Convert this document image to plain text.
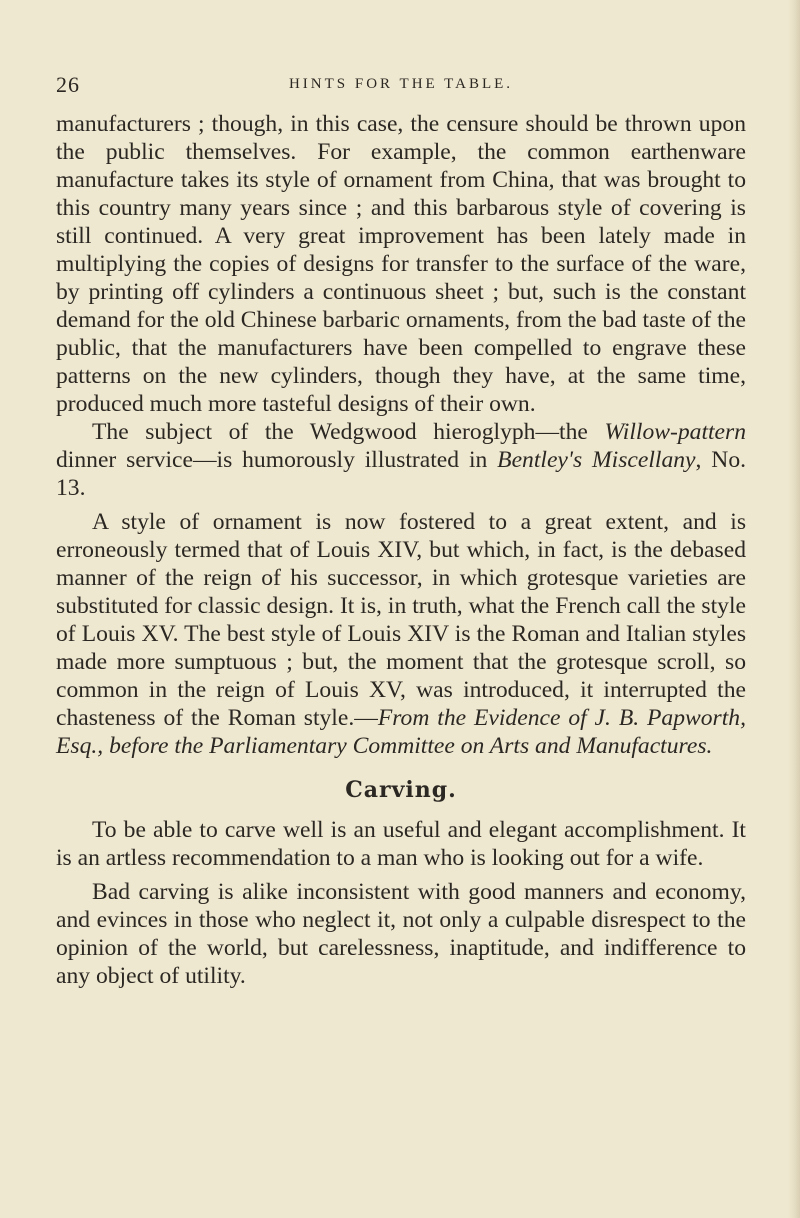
26	HINTS FOR THE TABLE.

manufacturers ; though, in this case, the censure should be thrown upon the public themselves. For example, the common earthenware manufacture takes its style of ornament from China, that was brought to this country many years since ; and this barbarous style of covering is still continued. A very great improvement has been lately made in multiplying the copies of designs for transfer to the surface of the ware, by printing off cylinders a continuous sheet ; but, such is the constant demand for the old Chinese barbaric ornaments, from the bad taste of the public, that the manufacturers have been compelled to engrave these patterns on the new cylinders, though they have, at the same time, produced much more tasteful designs of their own.

The subject of the Wedgwood hieroglyph—the Willow-pattern dinner service—is humorously illustrated in Bentley's Miscellany, No. 13.

A style of ornament is now fostered to a great extent, and is erroneously termed that of Louis XIV, but which, in fact, is the debased manner of the reign of his successor, in which grotesque varieties are substituted for classic design. It is, in truth, what the French call the style of Louis XV. The best style of Louis XIV is the Roman and Italian styles made more sumptuous ; but, the moment that the grotesque scroll, so common in the reign of Louis XV, was introduced, it interrupted the chasteness of the Roman style.—From the Evidence of J. B. Papworth, Esq., before the Parliamentary Committee on Arts and Manufactures.

Carving.

To be able to carve well is an useful and elegant accomplishment. It is an artless recommendation to a man who is looking out for a wife.

Bad carving is alike inconsistent with good manners and economy, and evinces in those who neglect it, not only a culpable disrespect to the opinion of the world, but carelessness, inaptitude, and indifference to any object of utility.
